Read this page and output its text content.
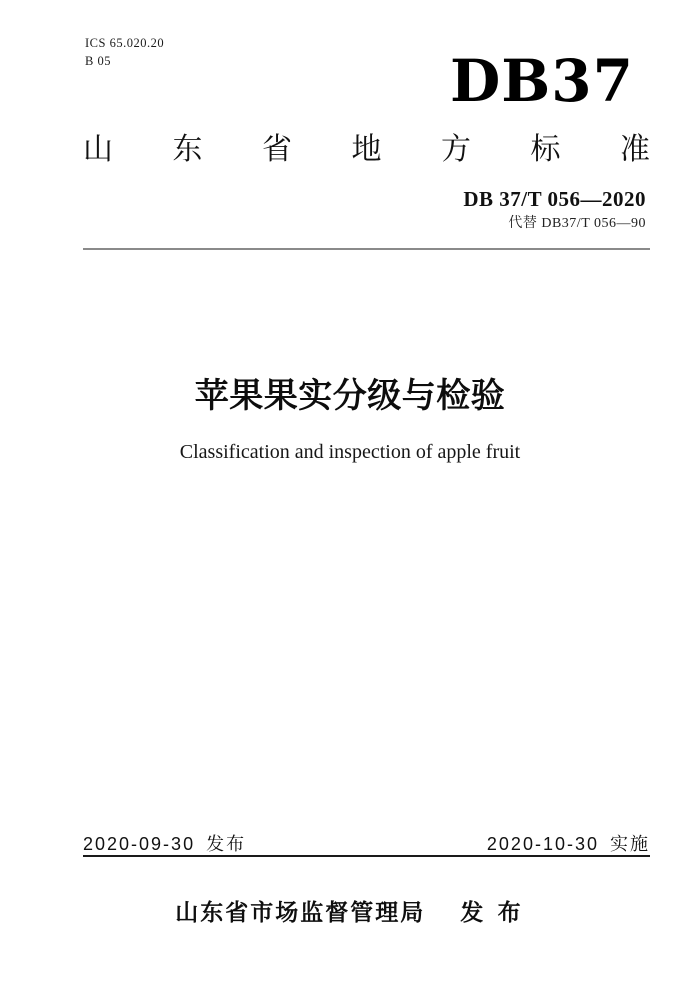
ICS 65.020.20
B 05	DB37
山 东 省 地 方 标 准
DB 37/T 056—2020
代替 DB37/T 056—90
苹果果实分级与检验
Classification and inspection of apple fruit
2020-09-30 发布	2020-10-30 实施
山东省市场监督管理局 发 布
